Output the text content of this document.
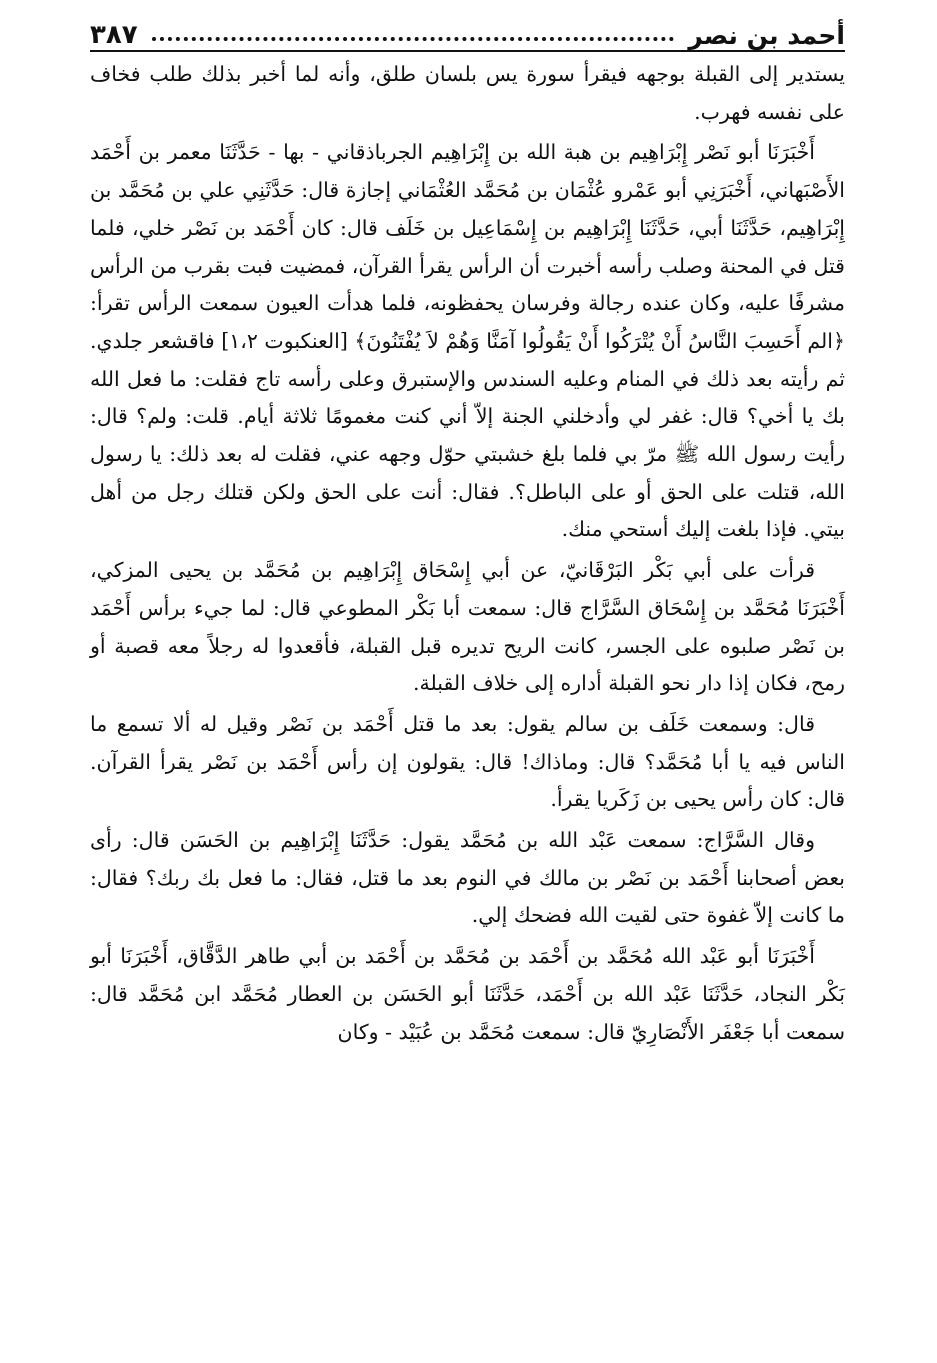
أحمد بن نصر
٣٨٧

يستدير إلى القبلة بوجهه فيقرأ سورة يس بلسان طلق، وأنه لما أخبر بذلك طلب فخاف على نفسه فهرب.

أَخْبَرَنَا أبو نَصْر إِبْرَاهِيم بن هبة الله بن إِبْرَاهِيم الجرباذقاني - بها - حَدَّثَنَا معمر بن أَحْمَد الأَصْبَهاني، أَخْبَرَنِي أبو عَمْرو عُثْمَان بن مُحَمَّد العُثْمَاني إجازة قال: حَدَّثَنِي علي بن مُحَمَّد بن إِبْرَاهِيم، حَدَّثَنَا أبي، حَدَّثَنَا إِبْرَاهِيم بن إِسْمَاعِيل بن خَلَف قال: كان أَحْمَد بن نَصْر خلي، فلما قتل في المحنة وصلب رأسه أخبرت أن الرأس يقرأ القرآن، فمضيت فبت بقرب من الرأس مشرفًا عليه، وكان عنده رجالة وفرسان يحفظونه، فلما هدأت العيون سمعت الرأس تقرأ: ﴿الم أَحَسِبَ النَّاسُ أَنْ يُتْرَكُوا أَنْ يَقُولُوا آمَنَّا وَهُمْ لاَ يُفْتَنُونَ﴾ [العنكبوت ١،٢] فاقشعر جلدي. ثم رأيته بعد ذلك في المنام وعليه السندس والإستبرق وعلى رأسه تاج فقلت: ما فعل الله بك يا أخي؟ قال: غفر لي وأدخلني الجنة إلاّ أني كنت مغمومًا ثلاثة أيام. قلت: ولم؟ قال: رأيت رسول الله ﷺ مرّ بي فلما بلغ خشبتي حوّل وجهه عني، فقلت له بعد ذلك: يا رسول الله، قتلت على الحق أو على الباطل؟. فقال: أنت على الحق ولكن قتلك رجل من أهل بيتي. فإذا بلغت إليك أستحي منك.

قرأت على أبي بَكْر البَرْقَانيّ، عن أبي إِسْحَاق إِبْرَاهِيم بن مُحَمَّد بن يحيى المزكي، أَخْبَرَنَا مُحَمَّد بن إِسْحَاق السَّرَّاج قال: سمعت أبا بَكْر المطوعي قال: لما جيء برأس أَحْمَد بن نَصْر صلبوه على الجسر، كانت الريح تديره قبل القبلة، فأقعدوا له رجلاً معه قصبة أو رمح، فكان إذا دار نحو القبلة أداره إلى خلاف القبلة.

قال: وسمعت خَلَف بن سالم يقول: بعد ما قتل أَحْمَد بن نَصْر وقيل له ألا تسمع ما الناس فيه يا أبا مُحَمَّد؟ قال: وماذاك! قال: يقولون إن رأس أَحْمَد بن نَصْر يقرأ القرآن. قال: كان رأس يحيى بن زَكَريا يقرأ.

وقال السَّرَّاج: سمعت عَبْد الله بن مُحَمَّد يقول: حَدَّثَنَا إِبْرَاهِيم بن الحَسَن قال: رأى بعض أصحابنا أَحْمَد بن نَصْر بن مالك في النوم بعد ما قتل، فقال: ما فعل بك ربك؟ فقال: ما كانت إلاّ غفوة حتى لقيت الله فضحك إلي.

أَخْبَرَنَا أبو عَبْد الله مُحَمَّد بن أَحْمَد بن مُحَمَّد بن أَحْمَد بن أبي طاهر الدَّقَّاق، أَخْبَرَنَا أبو بَكْر النجاد، حَدَّثَنَا عَبْد الله بن أَحْمَد، حَدَّثَنَا أبو الحَسَن بن العطار مُحَمَّد ابن مُحَمَّد قال: سمعت أبا جَعْفَر الأَنْصَارِيّ قال: سمعت مُحَمَّد بن عُبَيْد - وكان
